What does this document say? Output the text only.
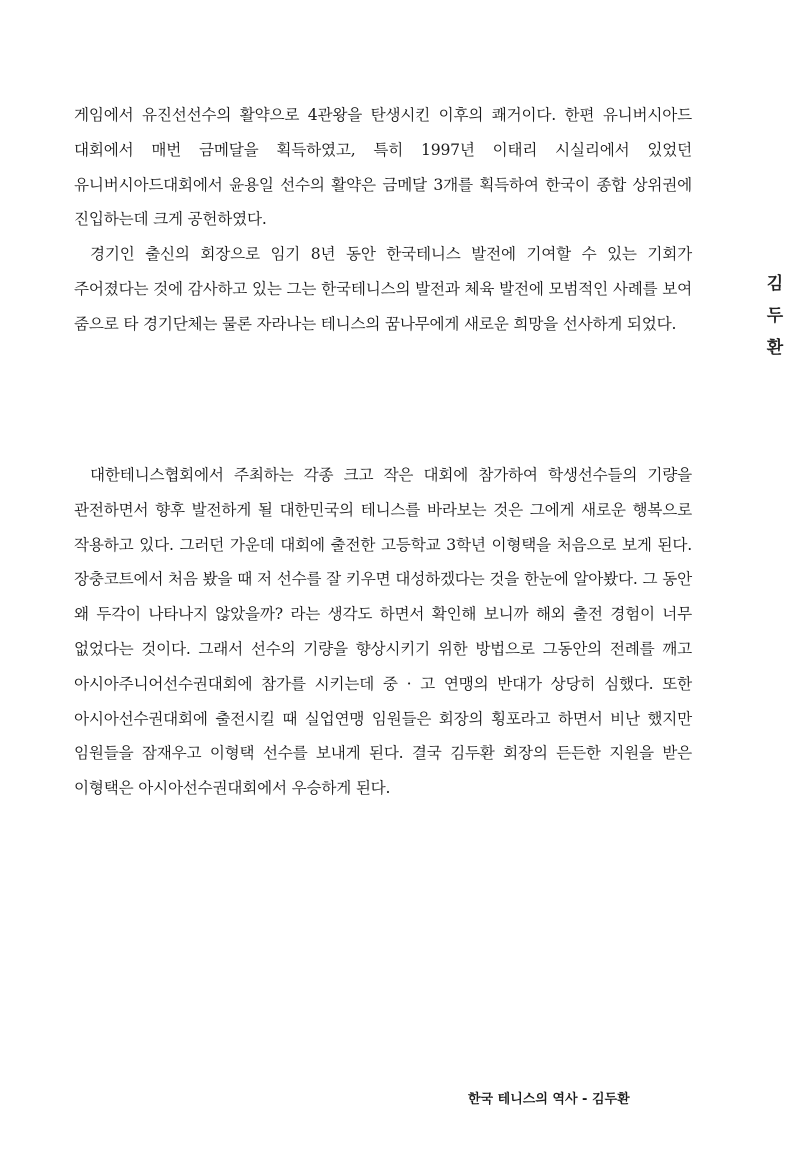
게임에서 유진선선수의 활약으로 4관왕을 탄생시킨 이후의 쾌거이다. 한편 유니버시아드 대회에서 매번 금메달을 획득하였고, 특히 1997년 이태리 시실리에서 있었던 유니버시아드대회에서 윤용일 선수의 활약은 금메달 3개를 획득하여 한국이 종합 상위권에 진입하는데 크게 공헌하였다.

경기인 출신의 회장으로 임기 8년 동안 한국테니스 발전에 기여할 수 있는 기회가 주어졌다는 것에 감사하고 있는 그는 한국테니스의 발전과 체육 발전에 모범적인 사례를 보여 줌으로 타 경기단체는 물론 자라나는 테니스의 꿈나무에게 새로운 희망을 선사하게 되었다.

대한테니스협회에서 주최하는 각종 크고 작은 대회에 참가하여 학생선수들의 기량을 관전하면서 향후 발전하게 될 대한민국의 테니스를 바라보는 것은 그에게 새로운 행복으로 작용하고 있다. 그러던 가운데 대회에 출전한 고등학교 3학년 이형택을 처음으로 보게 된다. 장충코트에서 처음 봤을 때 저 선수를 잘 키우면 대성하겠다는 것을 한눈에 알아봤다. 그 동안 왜 두각이 나타나지 않았을까? 라는 생각도 하면서 확인해 보니까 해외 출전 경험이 너무 없었다는 것이다. 그래서 선수의 기량을 향상시키기 위한 방법으로 그동안의 전례를 깨고 아시아주니어선수권대회에 참가를 시키는데 중 · 고 연맹의 반대가 상당히 심했다. 또한 아시아선수권대회에 출전시킬 때 실업연맹 임원들은 회장의 횡포라고 하면서 비난 했지만 임원들을 잠재우고 이형택 선수를 보내게 된다. 결국 김두환 회장의 든든한 지원을 받은 이형택은 아시아선수권대회에서 우승하게 된다.

김
두
환
한국 테니스의 역사 - 김두환
